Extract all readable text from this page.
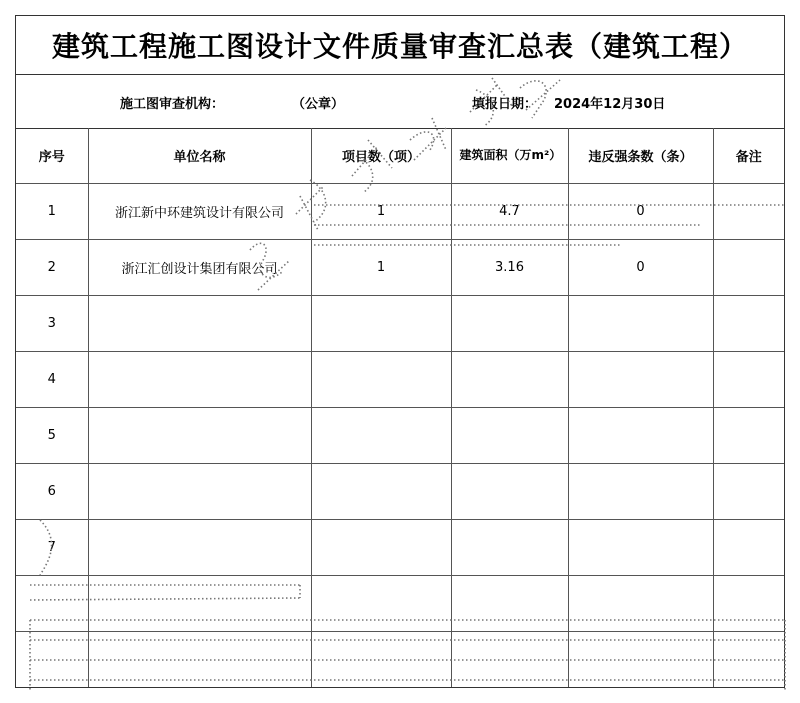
建筑工程施工图设计文件质量审查汇总表（建筑工程）
施工图审查机构：	（公章）	填报日期： 2024年12月30日
序号	单位名称	项目数（项）	建筑面积（万m²）	违反强条数（条）	备注
1	浙江新中环建筑设计有限公司	1	4.7	0	
2	浙江汇创设计集团有限公司	1	3.16	0	
3					
4					
5					
6					
7					
